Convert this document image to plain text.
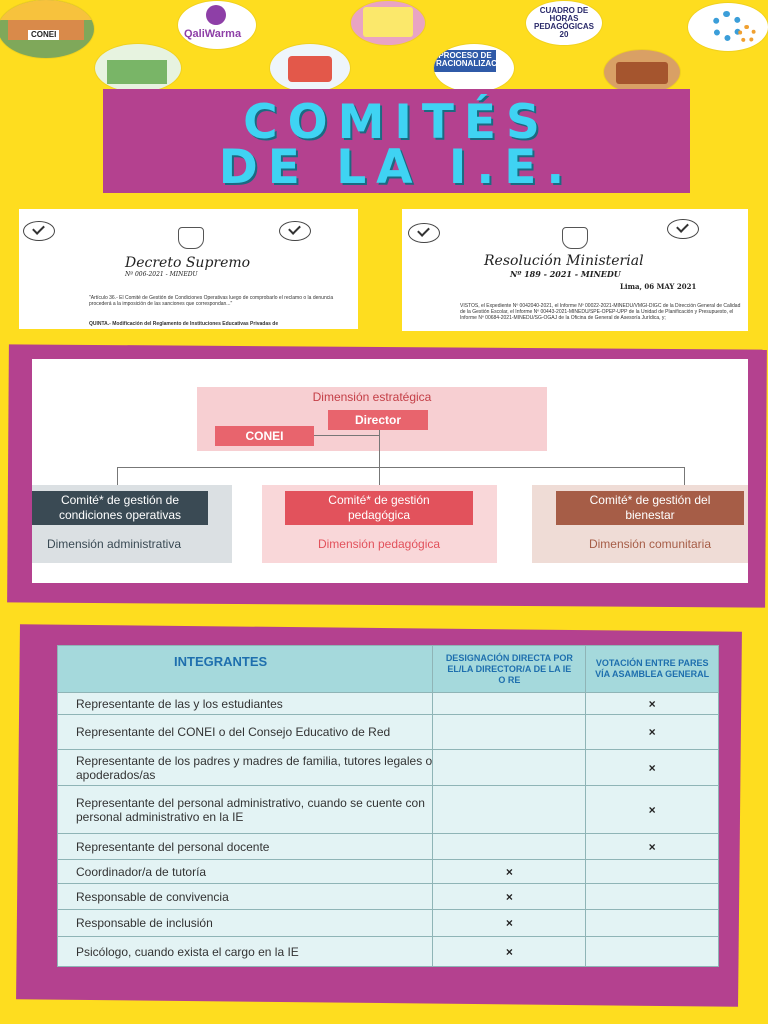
CONEI	QaliWarma
CUADRO DE HORAS PEDAGÓGICAS 20
PROCESO DE RACIONALIZACIÓN
COMITÉS
DE LA I.E.
Decreto Supremo
Nº 006-2021 - MINEDU
"Artículo 36.- El Comité de Gestión de Condiciones Operativas luego de comprobarlo el reclamo o la denuncia procederá a la imposición de las sanciones que correspondan..."
QUINTA.- Modificación del Reglamento de Instituciones Educativas Privadas de
Resolución Ministerial
Nº 189 - 2021 - MINEDU
Lima, 06 MAY 2021
VISTOS, el Expediente Nº 0042040-2021, el Informe Nº 00022-2021-MINEDU/VMGI-DIGC de la Dirección General de Calidad de la Gestión Escolar, el Informe Nº 00443-2021-MINEDU/SPE-OPEP-UPP de la Unidad de Planificación y Presupuesto, el Informe Nº 00684-2021-MINEDU/SG-OGAJ de la Oficina de General de Asesoría Jurídica, y;
Dimensión estratégica
Director
CONEI
Comité* de gestión de condiciones operativas
Dimensión administrativa
Comité* de gestión pedagógica
Dimensión pedagógica
Comité* de gestión del bienestar
Dimensión comunitaria
INTEGRANTES	DESIGNACIÓN DIRECTA POR EL/LA DIRECTOR/A DE LA IE O RE	VOTACIÓN ENTRE PARES VÍA ASAMBLEA GENERAL
Representante de las y los estudiantes		×
Representante del CONEI o del Consejo Educativo de Red		×
Representante de los padres y madres de familia, tutores legales o apoderados/as		×
Representante del personal administrativo, cuando se cuente con personal administrativo en la IE		×
Representante del personal docente		×
Coordinador/a de tutoría	×	
Responsable de convivencia	×	
Responsable de inclusión	×	
Psicólogo, cuando exista el cargo en la IE	×	
